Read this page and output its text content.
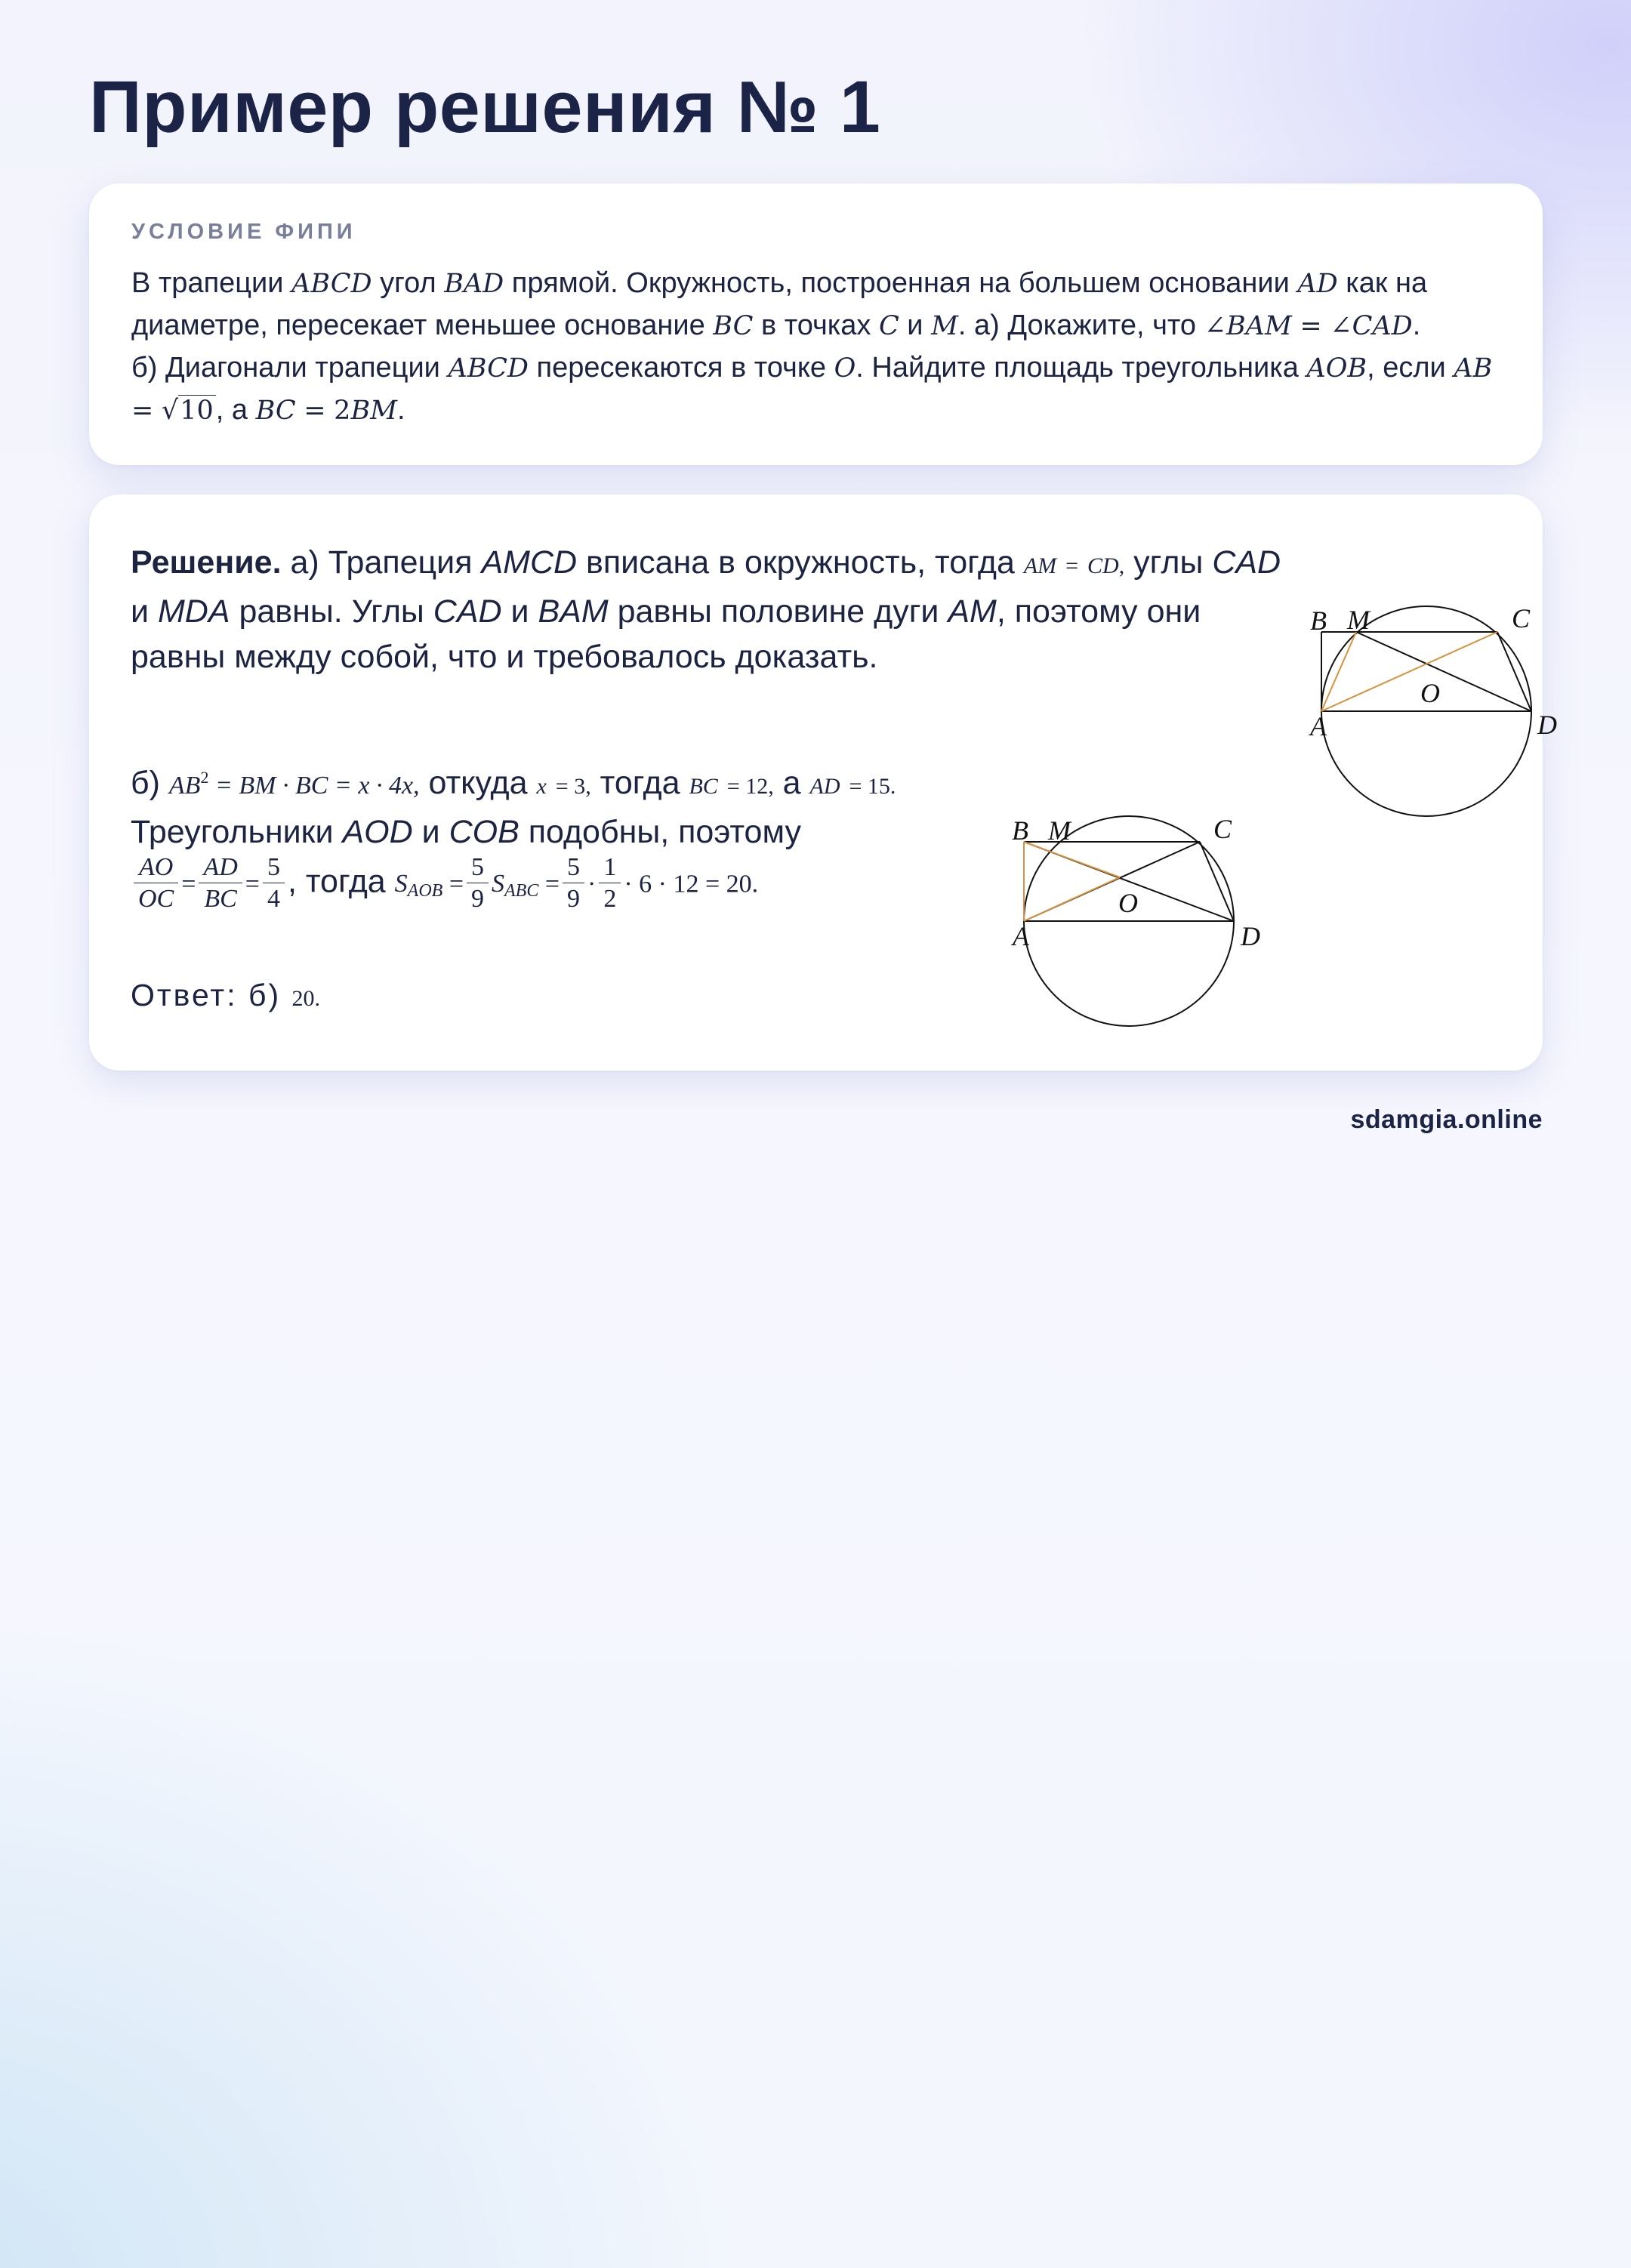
Пример решения № 1
УСЛОВИЕ ФИПИ
В трапеции ABCD угол BAD прямой. Окружность, построенная на большем основании AD как на диаметре, пересекает меньшее основание BC в точках C и M. а) Докажите, что ∠BAM = ∠CAD.
б) Диагонали трапеции ABCD пересекаются в точке O. Найдите площадь треугольника AOB, если AB = √10, а BC = 2BM.
Решение. а) Трапеция AMCD вписана в окружность, тогда AM = CD, углы CAD и MDA равны. Углы CAD и BAM равны половине дуги AM, поэтому они равны между собой, что и требовалось доказать.
б) $AB^2$ = BM · BC = x · 4x, откуда x = 3, тогда BC = 12, а AD = 15. Треугольники AOD и COB подобны, поэтому

$\frac{AO}{OC} = \frac{AD}{BC} = \frac{5}{4}$ , тогда $S_{AOB} = \frac{5}{9} S_{ABC} = \frac{5}{9} \cdot \frac{1}{2} \cdot 6 \cdot 12 = 20$.
Ответ: б) 20.
B M	C
O
A	D
B M	C
O
A	D
sdamgia.online
